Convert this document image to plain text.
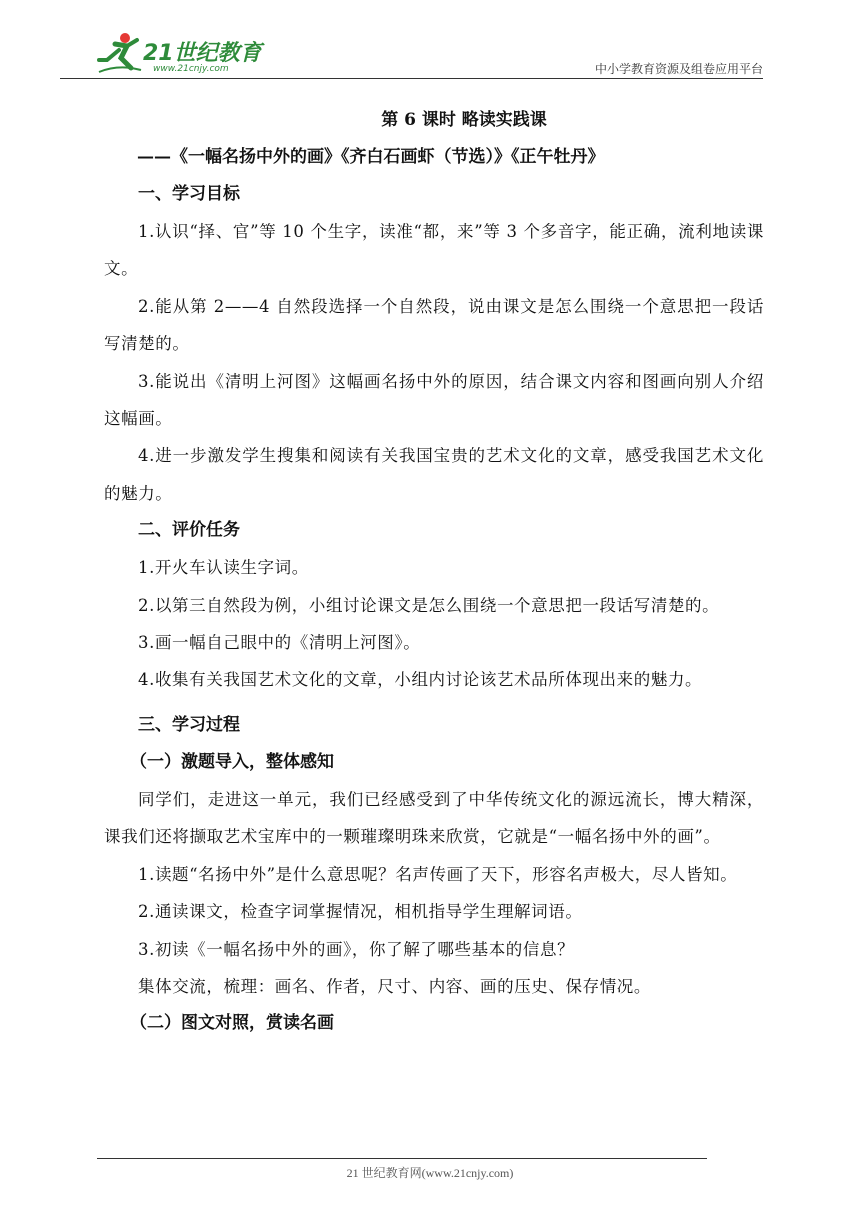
21世纪教育
www.21cnjy.com	中小学教育资源及组卷应用平台
第 6 课时 略读实践课
——《一幅名扬中外的画》《齐白石画虾（节选）》《正午牡丹》
一、学习目标
1.认识“择、官”等 10 个生字，读准“都，来”等 3 个多音字，能正确，流利地读课文。
2.能从第 2——4 自然段选择一个自然段，说由课文是怎么围绕一个意思把一段话写清楚的。
3.能说出《清明上河图》这幅画名扬中外的原因，结合课文内容和图画向别人介绍这幅画。
4.进一步激发学生搜集和阅读有关我国宝贵的艺术文化的文章，感受我国艺术文化的魅力。
二、评价任务
1.开火车认读生字词。
2.以第三自然段为例，小组讨论课文是怎么围绕一个意思把一段话写清楚的。
3.画一幅自己眼中的《清明上河图》。
4.收集有关我国艺术文化的文章，小组内讨论该艺术品所体现出来的魅力。
三、学习过程
（一）激题导入，整体感知
同学们，走进这一单元，我们已经感受到了中华传统文化的源远流长，博大精深，课我们还将撷取艺术宝库中的一颗璀璨明珠来欣赏，它就是“一幅名扬中外的画”。
1.读题“名扬中外”是什么意思呢？名声传画了天下，形容名声极大，尽人皆知。
2.通读课文，检查字词掌握情况，相机指导学生理解词语。
3.初读《一幅名扬中外的画》，你了解了哪些基本的信息？
集体交流，梳理：画名、作者，尺寸、内容、画的压史、保存情况。
（二）图文对照，赏读名画
21 世纪教育网(www.21cnjy.com)
